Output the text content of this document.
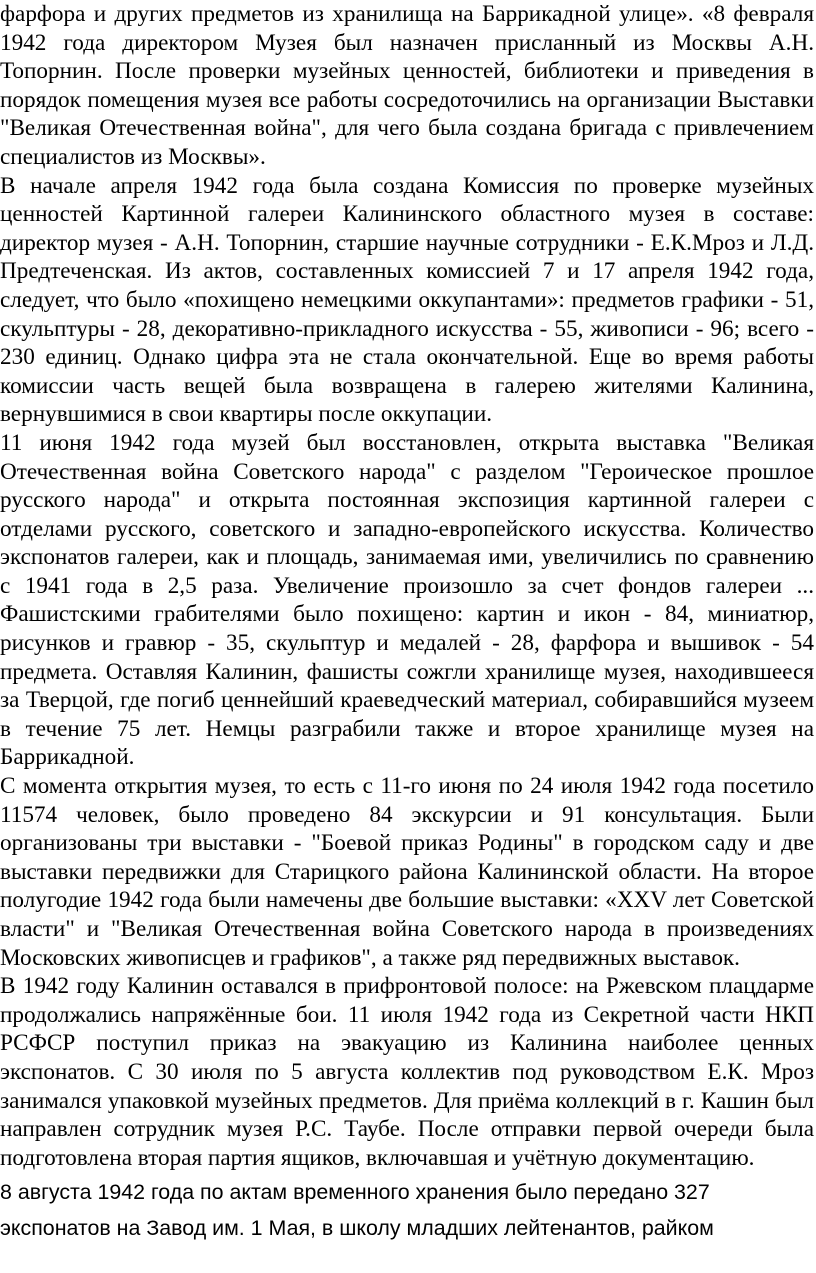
фарфора и других предметов из хранилища на Баррикадной улице». «8 февраля 1942 года директором Музея был назначен присланный из Москвы А.Н. Топорнин. После проверки музейных ценностей, библиотеки и приведения в порядок помещения музея все работы сосредоточились на организации Выставки "Великая Отечественная война", для чего была создана бригада с привлечением специалистов из Москвы».

В начале апреля 1942 года была создана Комиссия по проверке музейных ценностей Картинной галереи Калининского областного музея в составе: директор музея - А.Н. Топорнин, старшие научные сотрудники - Е.К.Мроз и Л.Д. Предтеченская. Из актов, составленных комиссией 7 и 17 апреля 1942 года, следует, что было «похищено немецкими оккупантами»: предметов графики - 51, скульптуры - 28, декоративно-прикладного искусства - 55, живописи - 96; всего - 230 единиц. Однако цифра эта не стала окончательной. Еще во время работы комиссии часть вещей была возвращена в галерею жителями Калинина, вернувшимися в свои квартиры после оккупации.

11 июня 1942 года музей был восстановлен, открыта выставка "Великая Отечественная война Советского народа" с разделом "Героическое прошлое русского народа" и открыта постоянная экспозиция картинной галереи с отделами русского, советского и западно-европейского искусства. Количество экспонатов галереи, как и площадь, занимаемая ими, увеличились по сравнению с 1941 года в 2,5 раза. Увеличение произошло за счет фондов галереи ... Фашистскими грабителями было похищено: картин и икон - 84, миниатюр, рисунков и гравюр - 35, скульптур и медалей - 28, фарфора и вышивок - 54 предмета. Оставляя Калинин, фашисты сожгли хранилище музея, находившееся за Тверцой, где погиб ценнейший краеведческий материал, собиравшийся музеем в течение 75 лет. Немцы разграбили также и второе хранилище музея на Баррикадной.

С момента открытия музея, то есть с 11-го июня по 24 июля 1942 года посетило 11574 человек, было проведено 84 экскурсии и 91 консультация. Были организованы три выставки - "Боевой приказ Родины" в городском саду и две выставки передвижки для Старицкого района Калининской области. На второе полугодие 1942 года были намечены две большие выставки: «XXV лет Советской власти" и "Великая Отечественная война Советского народа в произведениях Московских живописцев и графиков", а также ряд передвижных выставок.

В 1942 году Калинин оставался в прифронтовой полосе: на Ржевском плацдарме продолжались напряжённые бои. 11 июля 1942 года из Секретной части НКП РСФСР поступил приказ на эвакуацию из Калинина наиболее ценных экспонатов. С 30 июля по 5 августа коллектив под руководством Е.К. Мроз занимался упаковкой музейных предметов. Для приёма коллекций в г. Кашин был направлен сотрудник музея Р.С. Таубе. После отправки первой очереди была подготовлена вторая партия ящиков, включавшая и учётную документацию.

8 августа 1942 года по актам временного хранения было передано 327 экспонатов на Завод им. 1 Мая, в школу младших лейтенантов, райком
